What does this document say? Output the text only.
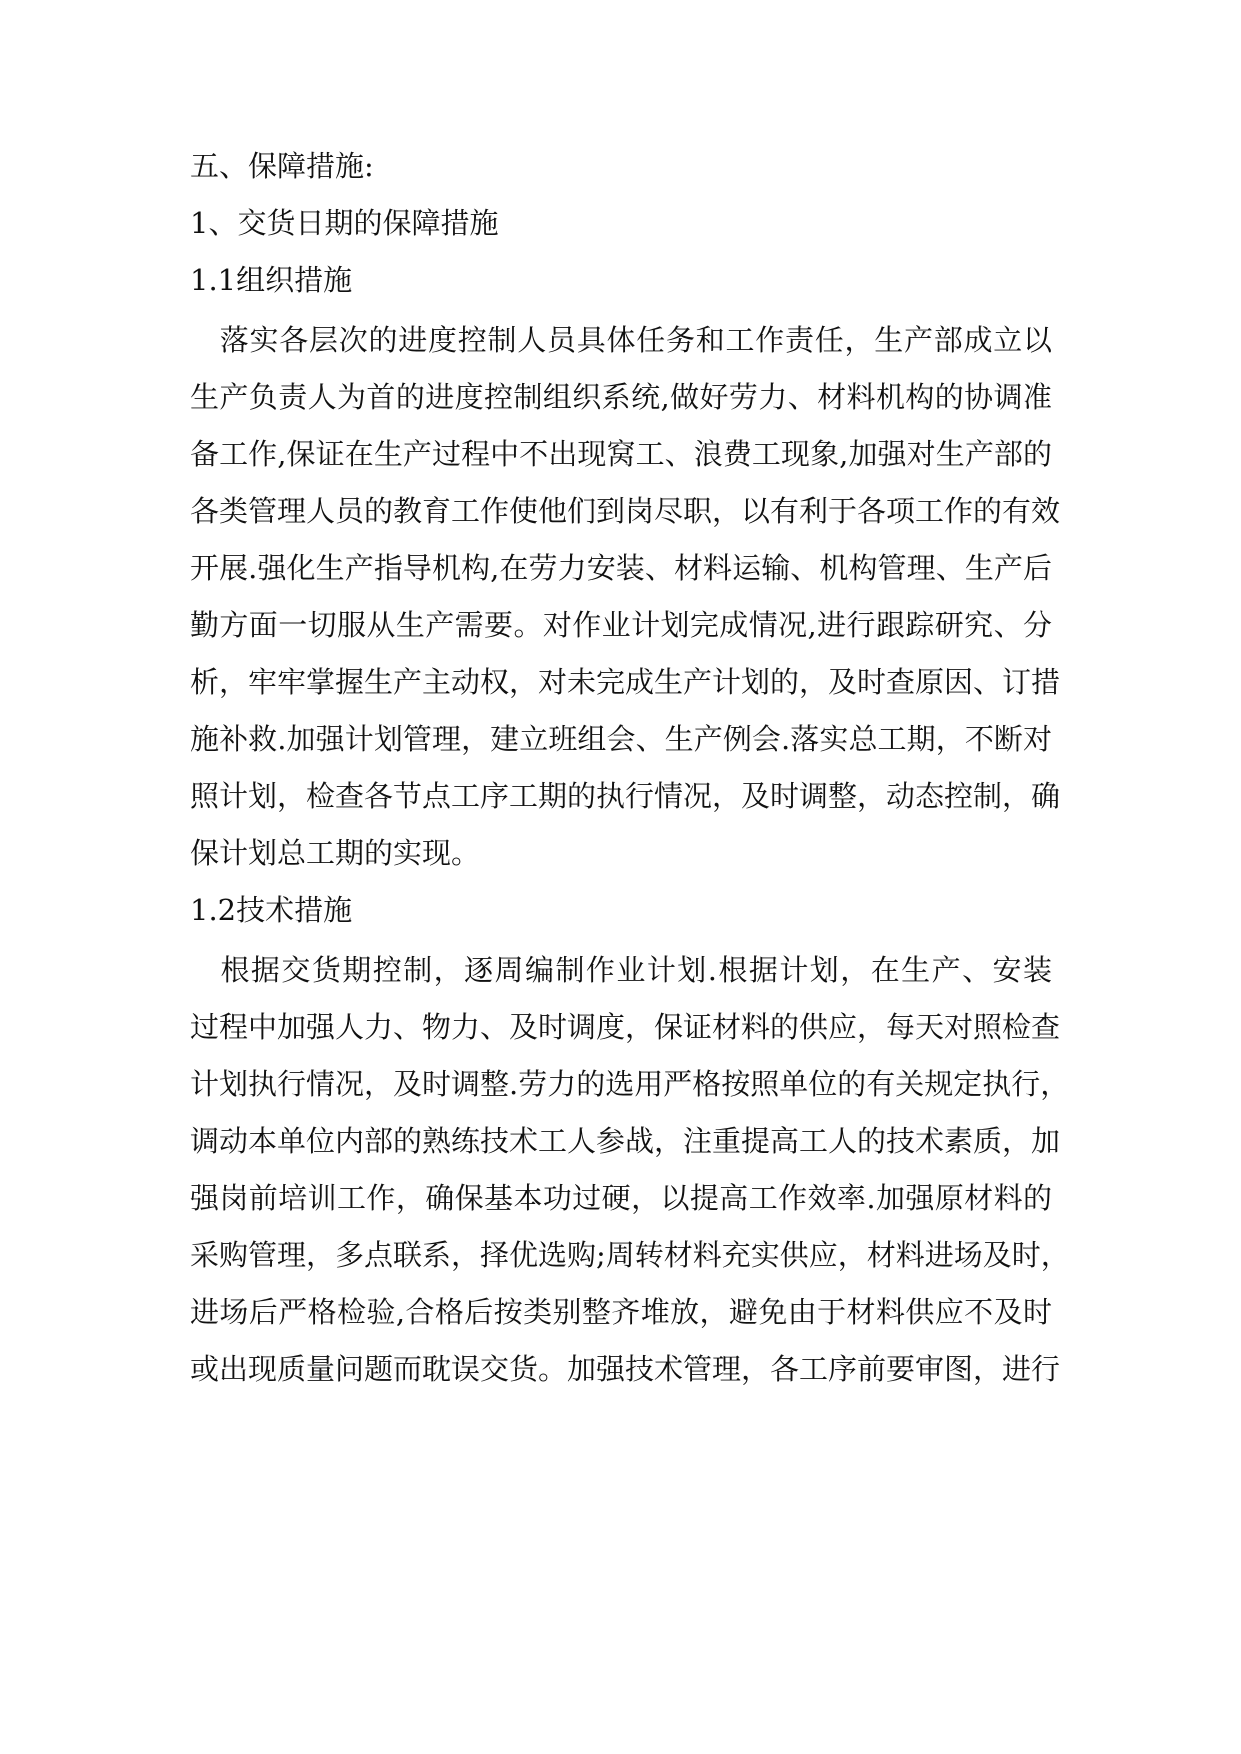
五、保障措施:
1、交货日期的保障措施
1.1组织措施
　落实各层次的进度控制人员具体任务和工作责任，生产部成立以
生产负责人为首的进度控制组织系统,做好劳力、材料机构的协调准
备工作,保证在生产过程中不出现窝工、浪费工现象,加强对生产部的
各类管理人员的教育工作使他们到岗尽职，以有利于各项工作的有效
开展.强化生产指导机构,在劳力安装、材料运输、机构管理、生产后
勤方面一切服从生产需要。对作业计划完成情况,进行跟踪研究、分
析，牢牢掌握生产主动权，对未完成生产计划的，及时查原因、订措
施补救.加强计划管理，建立班组会、生产例会.落实总工期，不断对
照计划，检查各节点工序工期的执行情况，及时调整，动态控制，确
保计划总工期的实现。
1.2技术措施
　根据交货期控制，逐周编制作业计划.根据计划，在生产、安装
过程中加强人力、物力、及时调度，保证材料的供应，每天对照检查
计划执行情况，及时调整.劳力的选用严格按照单位的有关规定执行，
调动本单位内部的熟练技术工人参战，注重提高工人的技术素质，加
强岗前培训工作，确保基本功过硬，以提高工作效率.加强原材料的
采购管理，多点联系，择优选购;周转材料充实供应，材料进场及时，
进场后严格检验,合格后按类别整齐堆放，避免由于材料供应不及时
或出现质量问题而耽误交货。加强技术管理，各工序前要审图，进行
